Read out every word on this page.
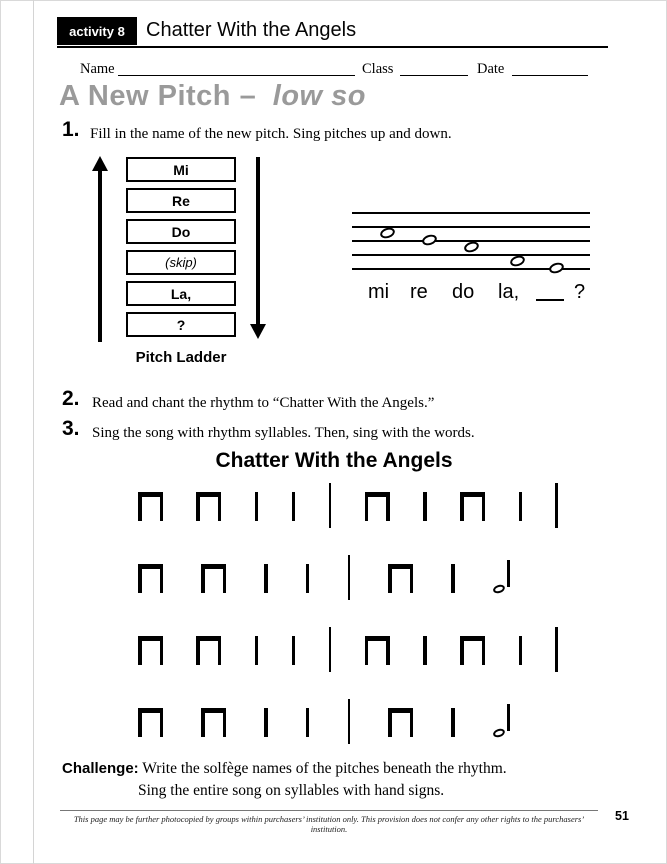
activity 8 Chatter With the Angels
Name	Class	Date
A New Pitch – low so
1. Fill in the name of the new pitch. Sing pitches up and down.
Mi
Re
Do
(skip)
La,
?
Pitch Ladder
?
mi re do la,
2. Read and chant the rhythm to “Chatter With the Angels.”
3. Sing the song with rhythm syllables. Then, sing with the words.
Chatter With the Angels
Challenge: Write the solfège names of the pitches beneath the rhythm.
Sing the entire song on syllables with hand signs.
This page may be further photocopied by groups within purchasers’ institution only. This provision does not confer any other rights to the purchasers’ institution.
51
